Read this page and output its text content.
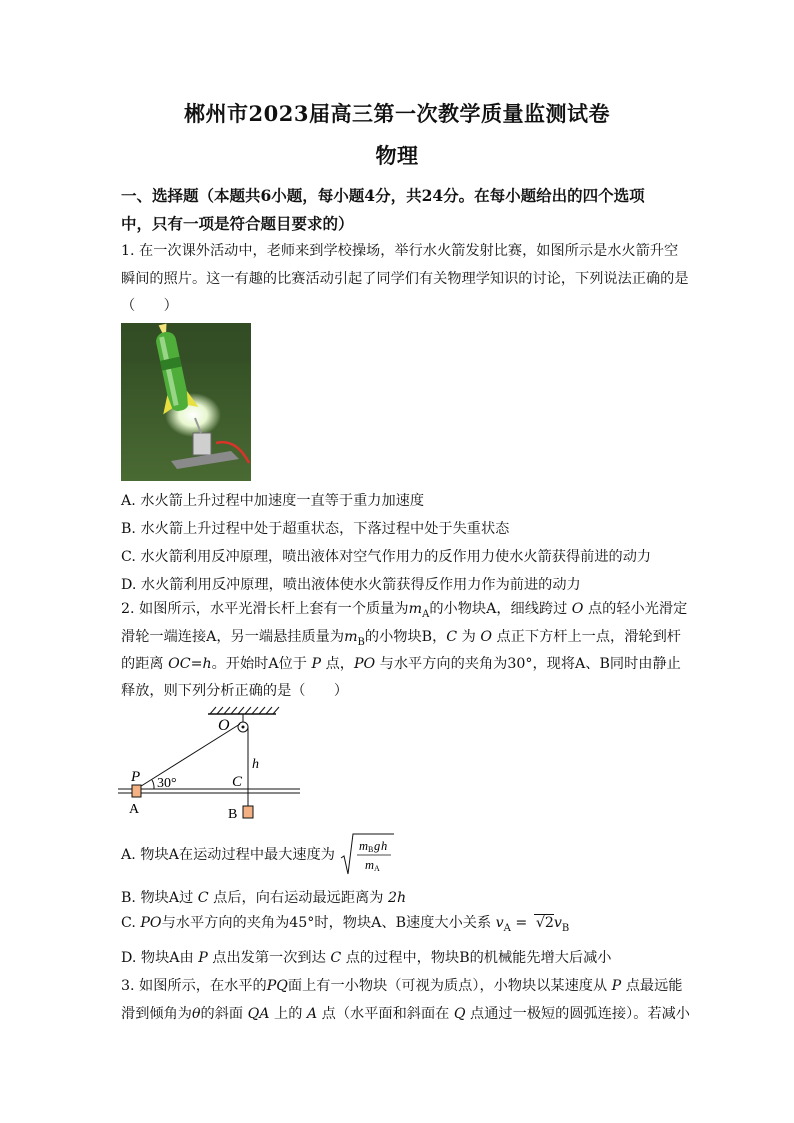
郴州市2023届高三第一次教学质量监测试卷
物理
一、选择题（本题共6小题，每小题4分，共24分。在每小题给出的四个选项
中，只有一项是符合题目要求的）
1. 在一次课外活动中，老师来到学校操场，举行水火箭发射比赛，如图所示是水火箭升空
瞬间的照片。这一有趣的比赛活动引起了同学们有关物理学知识的讨论，下列说法正确的是
（　　）
A. 水火箭上升过程中加速度一直等于重力加速度
B. 水火箭上升过程中处于超重状态，下落过程中处于失重状态
C. 水火箭利用反冲原理，喷出液体对空气作用力的反作用力使水火箭获得前进的动力
D. 水火箭利用反冲原理，喷出液体使水火箭获得反作用力作为前进的动力
2. 如图所示，水平光滑长杆上套有一个质量为$m_A$的小物块A，细线跨过 O 点的轻小光滑定
滑轮一端连接A，另一端悬挂质量为$m_B$的小物块B，C 为 O 点正下方杆上一点，滑轮到杆
的距离 OC=h。开始时A位于 P 点，PO 与水平方向的夹角为30°，现将A、B同时由静止
释放，则下列分析正确的是（　　）
O
h
P 30°	C
A	B
A. 物块A在运动过程中最大速度为
m B g h
m A
B. 物块A过 C 点后，向右运动最远距离为 2h
C. PO与水平方向的夹角为45°时，物块A、B速度大小关系 $v_A = √2v_B$
D. 物块A由 P 点出发第一次到达 C 点的过程中，物块B的机械能先增大后减小
3. 如图所示，在水平的PQ面上有一小物块（可视为质点），小物块以某速度从 P 点最远能
滑到倾角为θ的斜面 QA 上的 A 点（水平面和斜面在 Q 点通过一极短的圆弧连接）。若减小
